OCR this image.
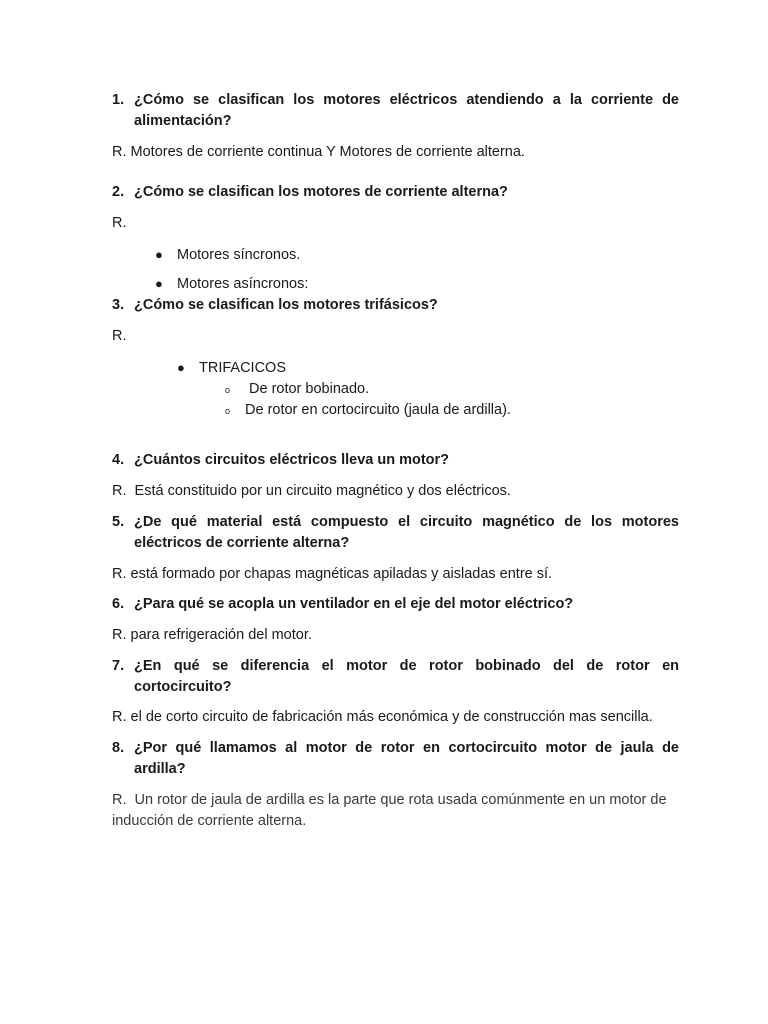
1. ¿Cómo se clasifican los motores eléctricos atendiendo a la corriente de alimentación?
R. Motores de corriente continua Y Motores de corriente alterna.
2. ¿Cómo se clasifican los motores de corriente alterna?
R.
● Motores síncronos.
● Motores asíncronos:
3. ¿Cómo se clasifican los motores trifásicos?
R.
● TRIFACICOS
o	De rotor bobinado.
o	De rotor en cortocircuito (jaula de ardilla).
4. ¿Cuántos circuitos eléctricos lleva un motor?
R.  Está constituido por un circuito magnético y dos eléctricos.
5. ¿De qué material está compuesto el circuito magnético de los motores eléctricos de corriente alterna?
R. está formado por chapas magnéticas apiladas y aisladas entre sí.
6. ¿Para qué se acopla un ventilador en el eje del motor eléctrico?
R. para refrigeración del motor.
7. ¿En qué se diferencia el motor de rotor bobinado del de rotor en cortocircuito?
R. el de corto circuito de fabricación más económica y de construcción mas sencilla.
8. ¿Por qué llamamos al motor de rotor en cortocircuito motor de jaula de ardilla?
R.  Un rotor de jaula de ardilla es la parte que rota usada comúnmente en un motor de inducción de corriente alterna.
